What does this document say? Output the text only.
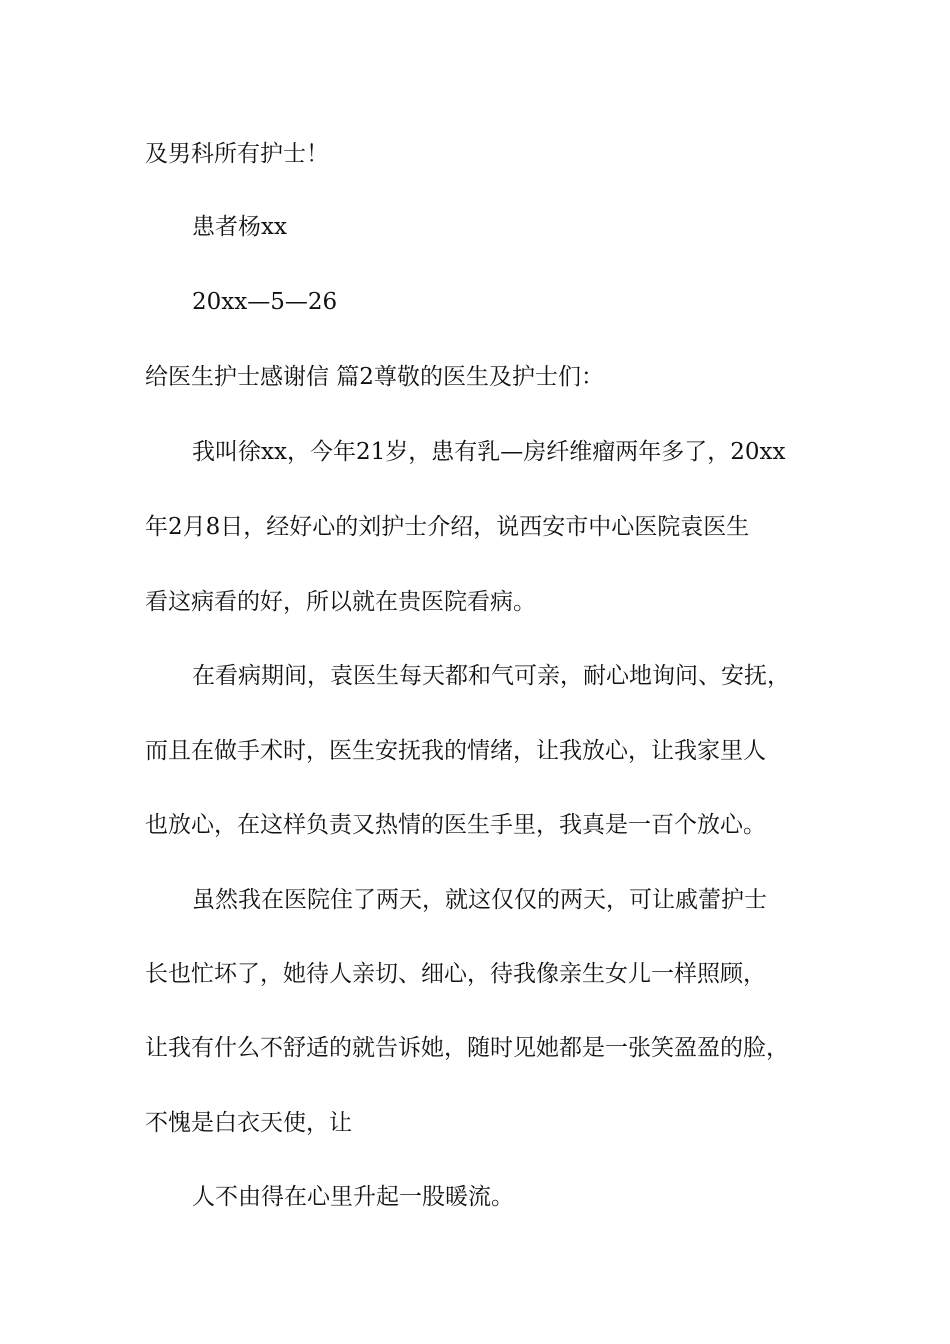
及男科所有护士！

患者杨xx

20xx—5—26

给医生护士感谢信 篇2尊敬的医生及护士们：

我叫徐xx，今年21岁，患有乳—房纤维瘤两年多了，20xx

年2月8日，经好心的刘护士介绍，说西安市中心医院袁医生

看这病看的好，所以就在贵医院看病。

在看病期间，袁医生每天都和气可亲，耐心地询问、安抚，

而且在做手术时，医生安抚我的情绪，让我放心，让我家里人

也放心，在这样负责又热情的医生手里，我真是一百个放心。

虽然我在医院住了两天，就这仅仅的两天，可让戚蕾护士

长也忙坏了，她待人亲切、细心，待我像亲生女儿一样照顾，

让我有什么不舒适的就告诉她，随时见她都是一张笑盈盈的脸，

不愧是白衣天使，让

人不由得在心里升起一股暖流。
